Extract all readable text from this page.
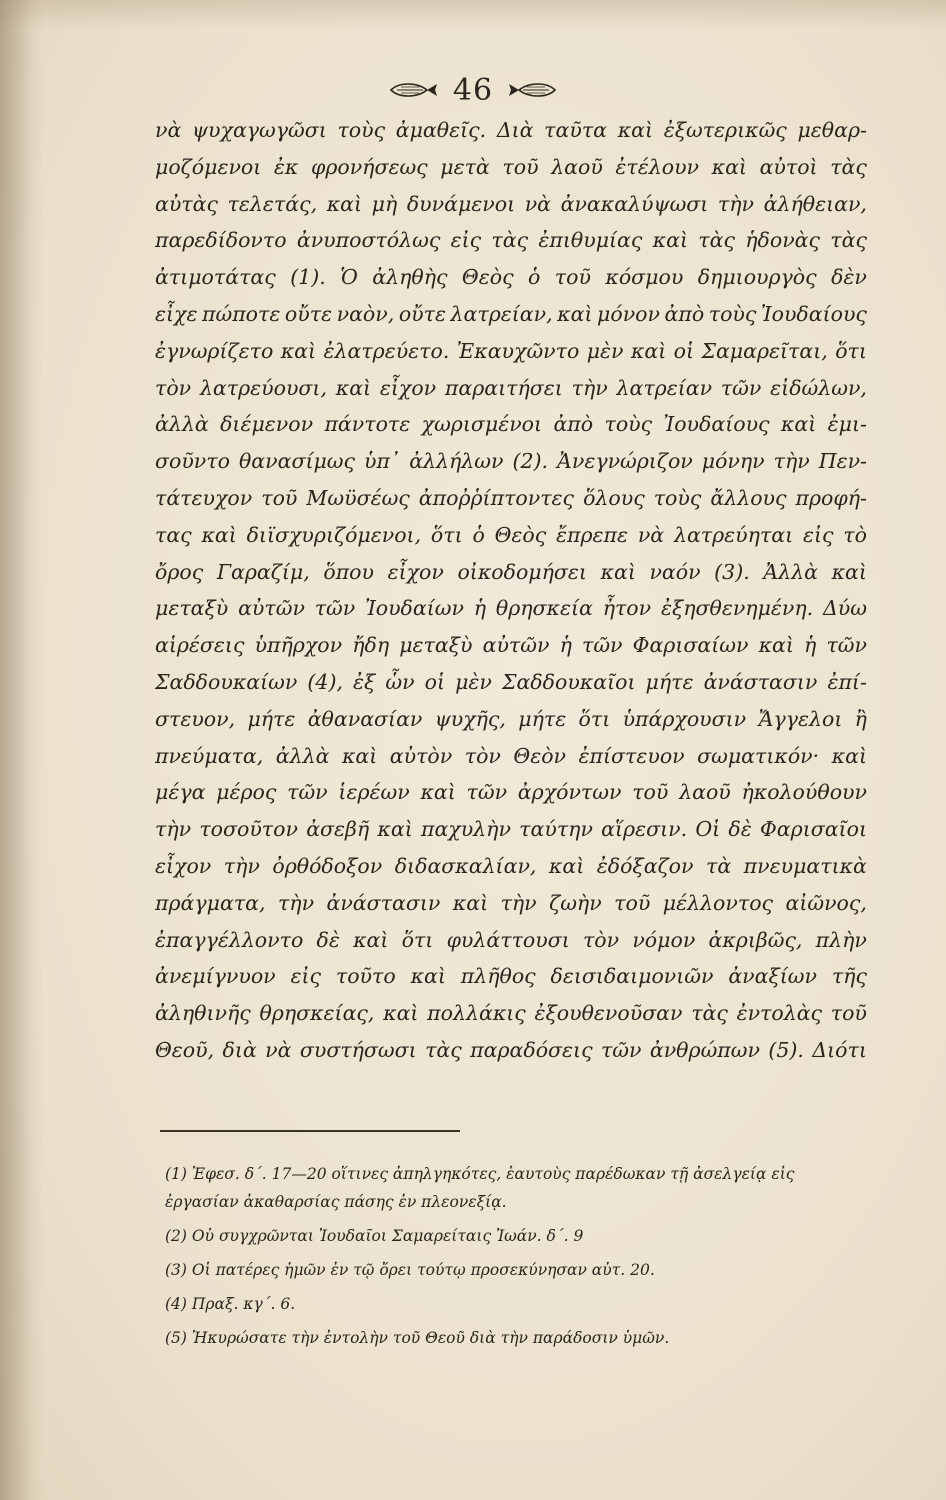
46
νὰ ψυχαγωγῶσι τοὺς ἀμαθεῖς. Διὰ ταῦτα καὶ ἐξωτερικῶς μεθαρ-
μοζόμενοι ἐκ φρονήσεως μετὰ τοῦ λαοῦ ἐτέλουν καὶ αὐτοὶ τὰς
αὐτὰς τελετάς, καὶ μὴ δυνάμενοι νὰ ἀνακαλύψωσι τὴν ἀλήθειαν,
παρεδίδοντο ἀνυποστόλως εἰς τὰς ἐπιθυμίας καὶ τὰς ἡδονὰς τὰς
ἀτιμοτάτας (1). Ὁ ἀληθὴς Θεὸς ὁ τοῦ κόσμου δημιουργὸς δὲν
εἶχε πώποτε οὔτε ναὸν, οὔτε λατρείαν, καὶ μόνον ἀπὸ τοὺς Ἰουδαίους
ἐγνωρίζετο καὶ ἐλατρεύετο. Ἐκαυχῶντο μὲν καὶ οἱ Σαμαρεῖται, ὅτι
τὸν λατρεύουσι, καὶ εἶχον παραιτήσει τὴν λατρείαν τῶν εἰδώλων,
ἀλλὰ διέμενον πάντοτε χωρισμένοι ἀπὸ τοὺς Ἰουδαίους καὶ ἐμι-
σοῦντο θανασίμως ὑπ᾽ ἀλλήλων (2). Ἀνεγνώριζον μόνην τὴν Πεν-
τάτευχον τοῦ Μωϋσέως ἀποῤῥίπτοντες ὅλους τοὺς ἄλλους προφή-
τας καὶ διϊσχυριζόμενοι, ὅτι ὁ Θεὸς ἔπρεπε νὰ λατρεύηται εἰς τὸ
ὄρος Γαραζίμ, ὅπου εἶχον οἰκοδομήσει καὶ ναόν (3). Ἀλλὰ καὶ
μεταξὺ αὐτῶν τῶν Ἰουδαίων ἡ θρησκεία ἦτον ἐξησθενημένη. Δύω
αἱρέσεις ὑπῆρχον ἤδη μεταξὺ αὐτῶν ἡ τῶν Φαρισαίων καὶ ἡ τῶν
Σαδδουκαίων (4), ἐξ ὧν οἱ μὲν Σαδδουκαῖοι μήτε ἀνάστασιν ἐπί-
στευον, μήτε ἀθανασίαν ψυχῆς, μήτε ὅτι ὑπάρχουσιν Ἄγγελοι ἢ
πνεύματα, ἀλλὰ καὶ αὐτὸν τὸν Θεὸν ἐπίστευον σωματικόν· καὶ
μέγα μέρος τῶν ἱερέων καὶ τῶν ἀρχόντων τοῦ λαοῦ ἠκολούθουν
τὴν τοσοῦτον ἀσεβῆ καὶ παχυλὴν ταύτην αἵρεσιν. Οἱ δὲ Φαρισαῖοι
εἶχον τὴν ὀρθόδοξον διδασκαλίαν, καὶ ἐδόξαζον τὰ πνευματικὰ
πράγματα, τὴν ἀνάστασιν καὶ τὴν ζωὴν τοῦ μέλλοντος αἰῶνος,
ἐπαγγέλλοντο δὲ καὶ ὅτι φυλάττουσι τὸν νόμον ἀκριβῶς, πλὴν
ἀνεμίγνυον εἰς τοῦτο καὶ πλῆθος δεισιδαιμονιῶν ἀναξίων τῆς
ἀληθινῆς θρησκείας, καὶ πολλάκις ἐξουθενοῦσαν τὰς ἐντολὰς τοῦ
Θεοῦ, διὰ νὰ συστήσωσι τὰς παραδόσεις τῶν ἀνθρώπων (5). Διότι
(1) Ἐφεσ. δ΄. 17—20 οἵτινες ἀπηλγηκότες, ἑαυτοὺς παρέδωκαν τῇ ἀσελγείᾳ εἰς
ἐργασίαν ἀκαθαρσίας πάσης ἐν πλεονεξίᾳ.
(2) Οὐ συγχρῶνται Ἰουδαῖοι Σαμαρείταις Ἰωάν. δ΄. 9
(3) Οἱ πατέρες ἡμῶν ἐν τῷ ὄρει τούτῳ προσεκύνησαν αὐτ. 20.
(4) Πραξ. κγ΄. 6.
(5) Ἠκυρώσατε τὴν ἐντολὴν τοῦ Θεοῦ διὰ τὴν παράδοσιν ὑμῶν.
